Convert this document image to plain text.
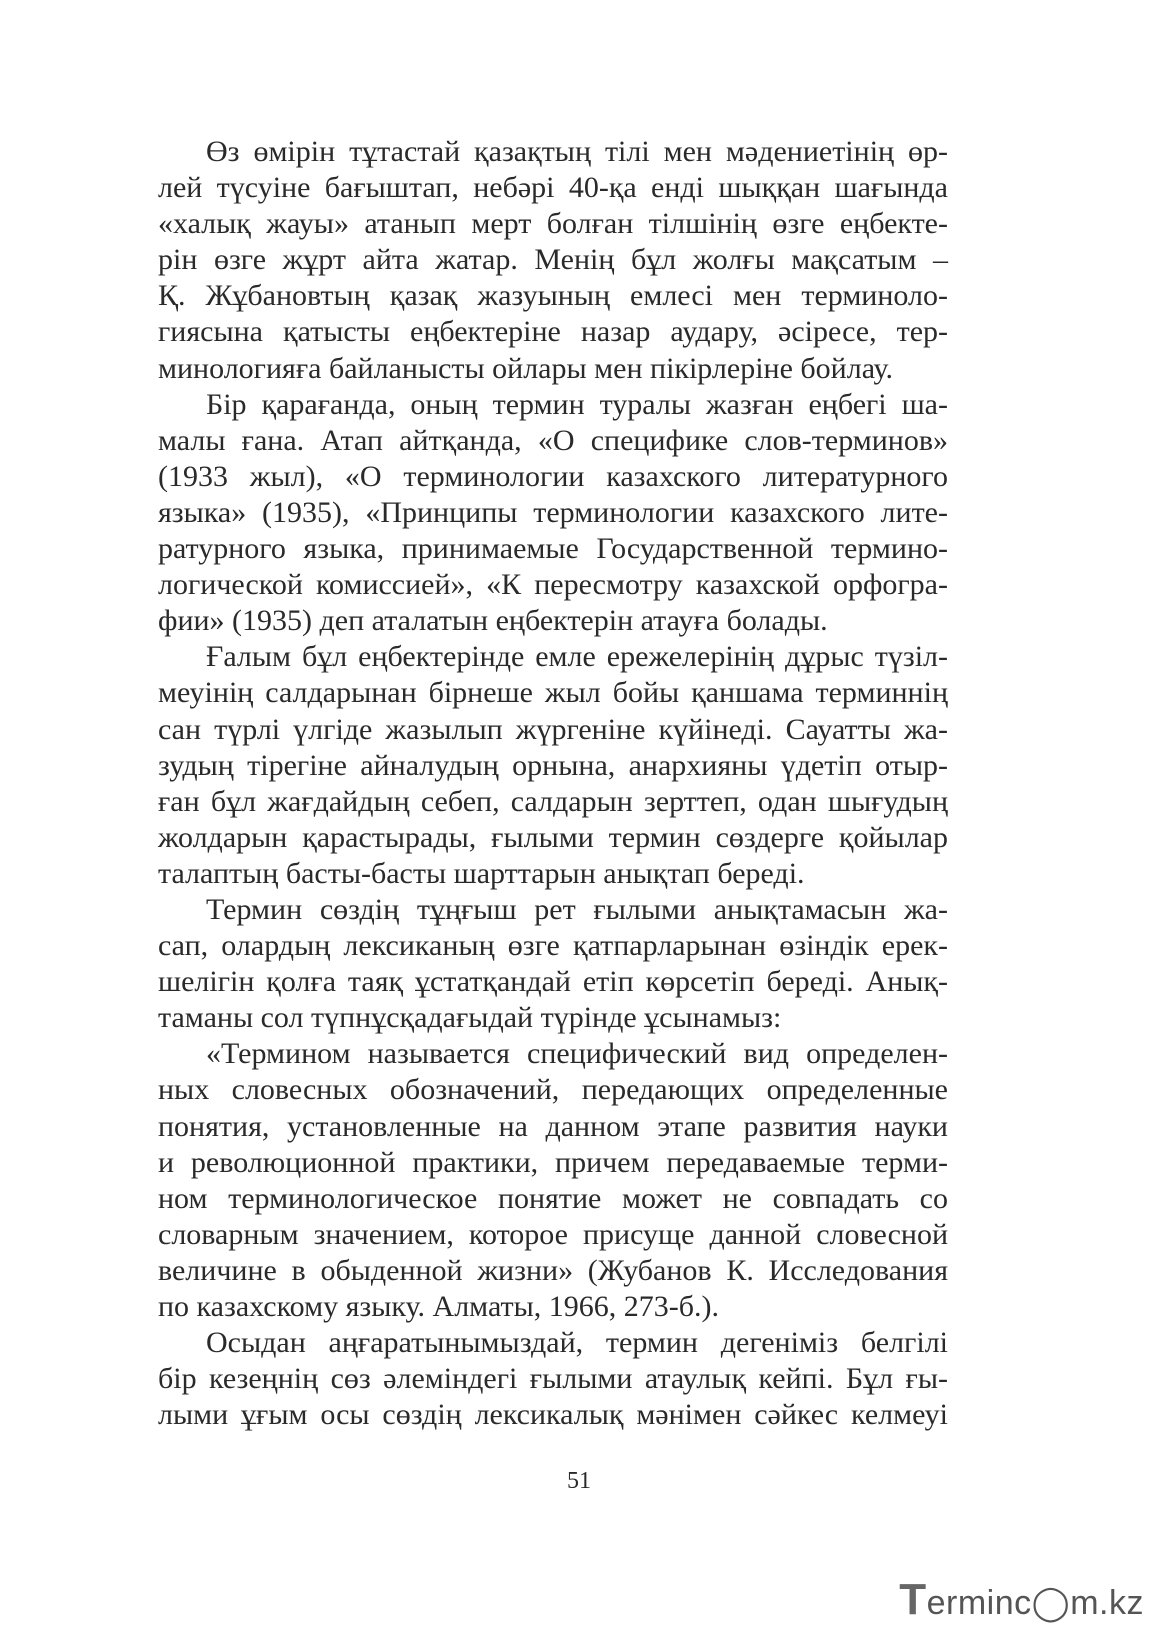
Өз өмірін тұтастай қазақтың тілі мен мәдениетінің өр-
лей түсуіне бағыштап, небәрі 40-қа енді шыққан шағында
«халық жауы» атанып мерт болған тілшінің өзге еңбекте-
рін өзге жұрт айта жатар. Менің бұл жолғы мақсатым –
Қ. Жұбановтың қазақ жазуының емлесі мен терминоло-
гиясына қатысты еңбектеріне назар аудару, әсіресе, тер-
минологияға байланысты ойлары мен пікірлеріне бойлау.
Бір қарағанда, оның термин туралы жазған еңбегі ша-
малы ғана. Атап айтқанда, «О специфике слов-терминов»
(1933 жыл), «О терминологии казахского литературного
языка» (1935), «Принципы терминологии казахского лите-
ратурного языка, принимаемые Государственной термино-
логической комиссией», «К пересмотру казахской орфогра-
фии» (1935) деп аталатын еңбектерін атауға болады.
Ғалым бұл еңбектерінде емле ережелерінің дұрыс түзіл-
меуінің салдарынан бірнеше жыл бойы қаншама терминнің
сан түрлі үлгіде жазылып жүргеніне күйінеді. Сауатты жа-
зудың тірегіне айналудың орнына, анархияны үдетіп отыр-
ған бұл жағдайдың себеп, салдарын зерттеп, одан шығудың
жолдарын қарастырады, ғылыми термин сөздерге қойылар
талаптың басты-басты шарттарын анықтап береді.
Термин сөздің тұңғыш рет ғылыми анықтамасын жа-
сап, олардың лексиканың өзге қатпарларынан өзіндік ерек-
шелігін қолға таяқ ұстатқандай етіп көрсетіп береді. Анық-
таманы сол түпнұсқадағыдай түрінде ұсынамыз:
«Термином называется специфический вид определен-
ных словесных обозначений, передающих определенные
понятия, установленные на данном этапе развития науки
и революционной практики, причем передаваемые терми-
ном терминологическое понятие может не совпадать со
словарным значением, которое присуще данной словесной
величине в обыденной жизни» (Жубанов К. Исследования
по казахскому языку. Алматы, 1966, 273-б.).
Осыдан аңғаратынымыздай, термин дегеніміз белгілі
бір кезеңнің сөз әлеміндегі ғылыми атаулық кейпі. Бұл ғы-
лыми ұғым осы сөздің лексикалық мәнімен сәйкес келмеуі
51
Terminc◯m.kz
